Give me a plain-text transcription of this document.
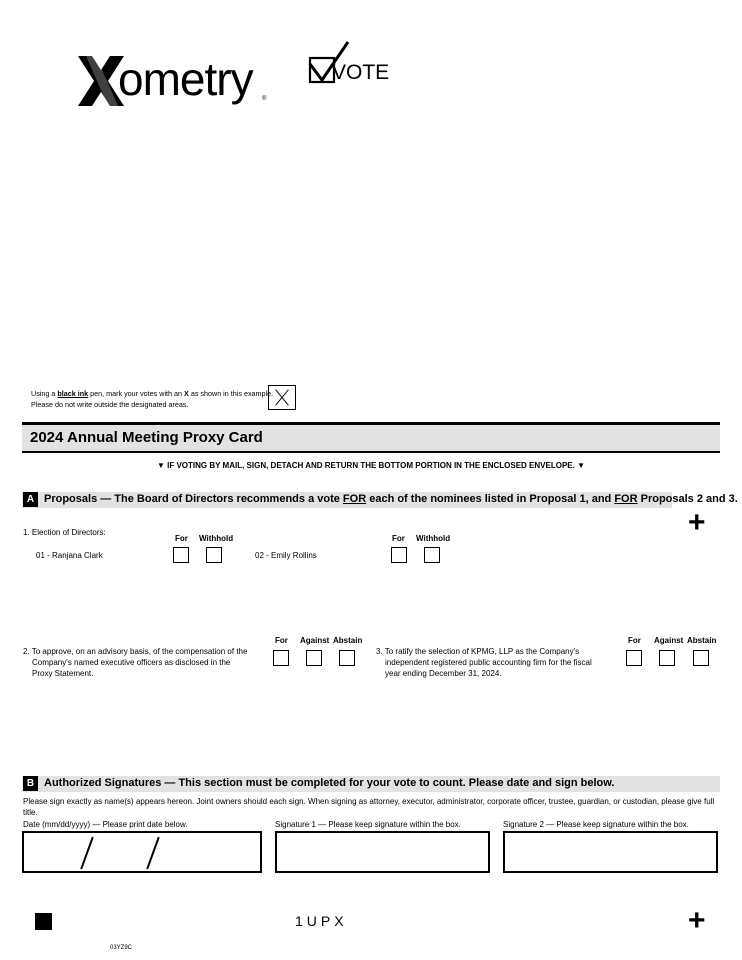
ometry ®
VOTE
Using a black ink pen, mark your votes with an X as shown in this example.
Please do not write outside the designated areas.
2024 Annual Meeting Proxy Card
▼ IF VOTING BY MAIL, SIGN, DETACH AND RETURN THE BOTTOM PORTION IN THE ENCLOSED ENVELOPE. ▼
A Proposals — The Board of Directors recommends a vote FOR each of the nominees listed in Proposal 1, and FOR Proposals 2 and 3.
+
1. Election of Directors:
For Withhold
01 - Ranjana Clark
For Withhold
02 - Emily Rollins
2. To approve, on an advisory basis, of the compensation of the
Company's named executive officers as disclosed in the
Proxy Statement.
For Against Abstain
3. To ratify the selection of KPMG, LLP as the Company's
independent registered public accounting firm for the fiscal
year ending December 31, 2024.
For Against Abstain
B Authorized Signatures — This section must be completed for your vote to count. Please date and sign below.
Please sign exactly as name(s) appears hereon. Joint owners should each sign. When signing as attorney, executor, administrator, corporate officer, trustee, guardian, or custodian, please give full title.
Date (mm/dd/yyyy) — Please print date below.	Signature 1 — Please keep signature within the box.	Signature 2 — Please keep signature within the box.
1UPX	+
03YZ9C
